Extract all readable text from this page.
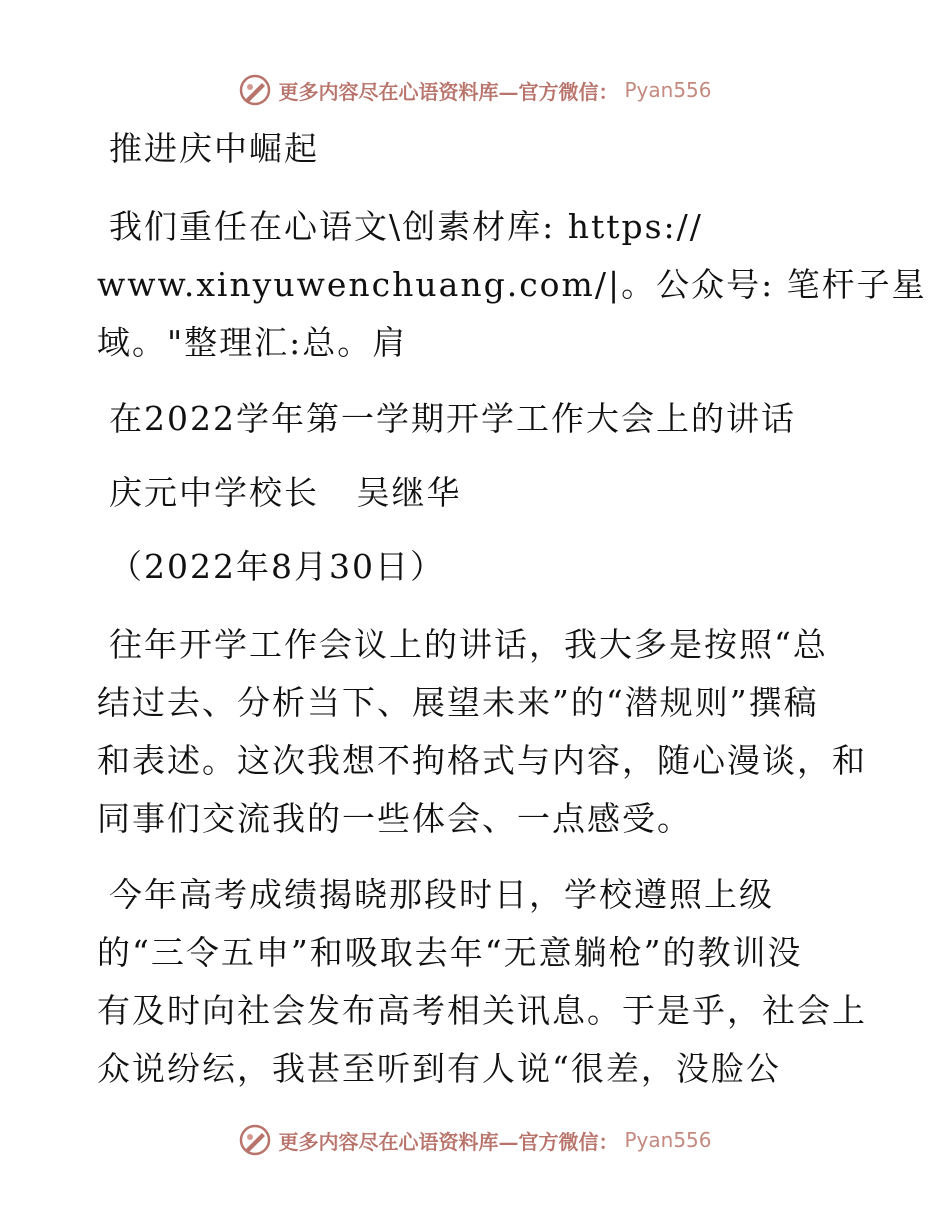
更多内容尽在心语资料库—官方微信： Pyan556
推进庆中崛起
我们重任在心语文\创素材库: https://
www.xinyuwenchuang.com/|。公众号: 笔杆子星
域。"整理汇:总。肩
在2022学年第一学期开学工作大会上的讲话
庆元中学校长   吴继华
（2022年8月30日）
往年开学工作会议上的讲话，我大多是按照“总
结过去、分析当下、展望未来”的“潜规则”撰稿
和表述。这次我想不拘格式与内容，随心漫谈，和
同事们交流我的一些体会、一点感受。
今年高考成绩揭晓那段时日，学校遵照上级
的“三令五申”和吸取去年“无意躺枪”的教训没
有及时向社会发布高考相关讯息。于是乎，社会上
众说纷纭，我甚至听到有人说“很差，没脸公
更多内容尽在心语资料库—官方微信： Pyan556
